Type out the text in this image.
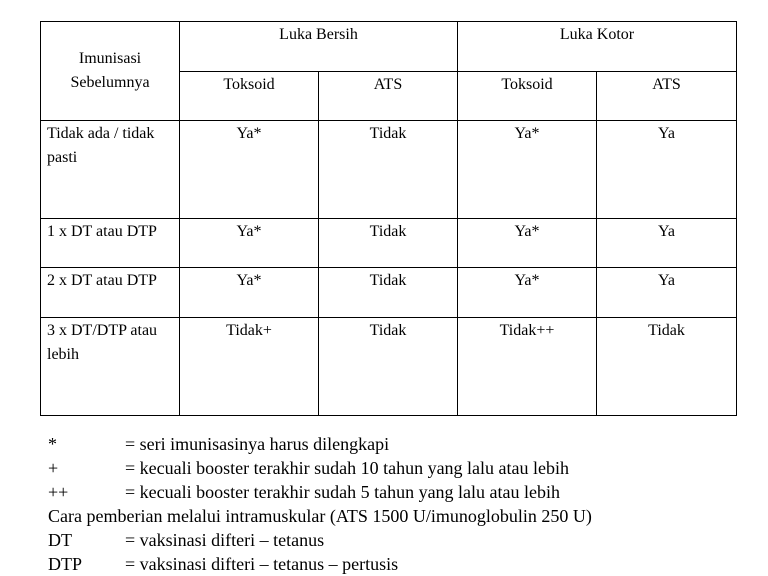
Imunisasi Sebelumnya	Luka Bersih		Luka Kotor	
	Toksoid	ATS	Toksoid	ATS
Tidak ada / tidak pasti	Ya*	Tidak	Ya*	Ya
1 x DT atau DTP	Ya*	Tidak	Ya*	Ya
2 x DT atau DTP	Ya*	Tidak	Ya*	Ya
3 x DT/DTP atau lebih	Tidak+	Tidak	Tidak++	Tidak
*	= seri imunisasinya harus dilengkapi
+	= kecuali booster terakhir sudah 10 tahun yang lalu atau lebih
++	= kecuali booster terakhir sudah 5 tahun yang lalu atau lebih
Cara pemberian melalui intramuskular (ATS 1500 U/imunoglobulin 250 U)
DT	= vaksinasi difteri – tetanus
DTP = vaksinasi difteri – tetanus – pertusis
